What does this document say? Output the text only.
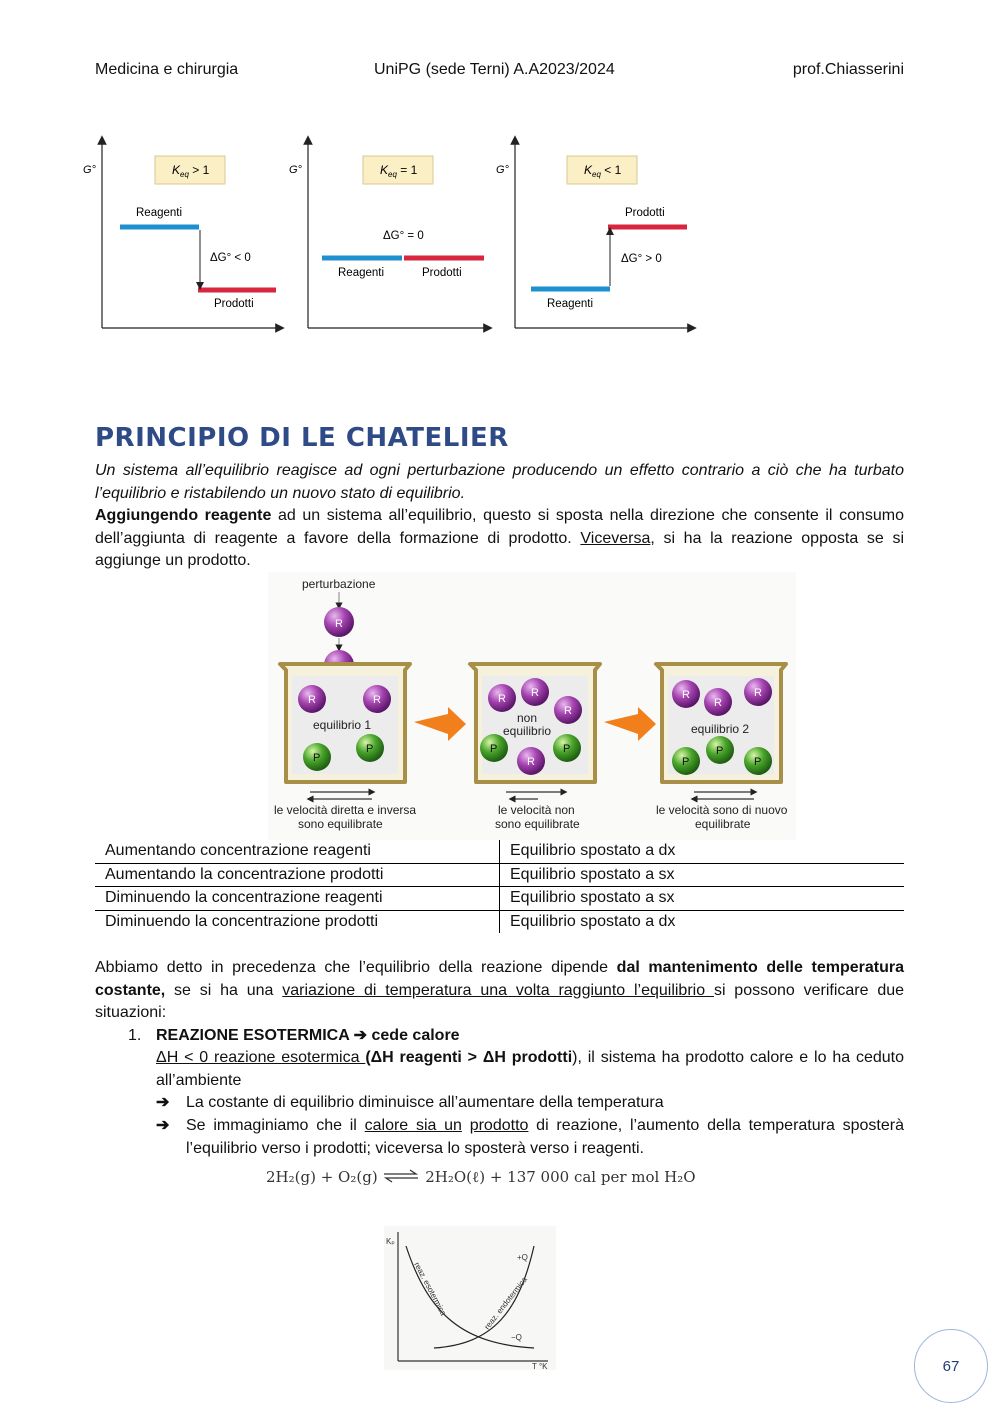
Medicina e chirurgia	UniPG (sede Terni) A.A2023/2024	prof.Chiasserini
G°	$K_{eq} > 1$
Reagenti
ΔG° < 0
Prodotti
G°	$K_{eq} = 1$
ΔG° = 0
Reagenti	Prodotti
G°	$K_{eq} < 1$
Prodotti
ΔG° > 0
Reagenti
PRINCIPIO DI LE CHATELIER
Un sistema all’equilibrio reagisce ad ogni perturbazione producendo un effetto contrario a ciò che ha turbato l’equilibrio e ristabilendo un nuovo stato di equilibrio.
Aggiungendo reagente ad un sistema all’equilibrio, questo si sposta nella direzione che consente il consumo dell’aggiunta di reagente a favore della formazione di prodotto. Viceversa, si ha la reazione opposta se si aggiunge un prodotto.
perturbazione
R
R	R
equilibrio 1
P
P
R R
R
non
equilibrio
P	P
R
R
R
R
equilibrio 2
P
P	P
le velocità diretta e inversa
sono equilibrate
le velocità non
sono equilibrate
le velocità sono di nuovo
equilibrate
Aumentando concentrazione reagenti	Equilibrio spostato a dx
Aumentando la concentrazione prodotti	Equilibrio spostato a sx
Diminuendo la concentrazione reagenti	Equilibrio spostato a sx
Diminuendo la concentrazione prodotti	Equilibrio spostato a dx
Abbiamo detto in precedenza che l’equilibrio della reazione dipende dal mantenimento delle temperatura costante, se si ha una variazione di temperatura una volta raggiunto l’equilibrio si possono verificare due situazioni:
1. REAZIONE ESOTERMICA ➔ cede calore
ΔH < 0 reazione esotermica (ΔH reagenti > ΔH prodotti), il sistema ha prodotto calore e lo ha ceduto all’ambiente
➔ La costante di equilibrio diminuisce all’aumentare della temperatura
➔ Se immaginiamo che il calore sia un prodotto di reazione, l’aumento della temperatura sposterà l’equilibrio verso i prodotti; viceversa lo sposterà verso i reagenti.
2H₂(g) + O₂(g) ⇌ 2H₂O(ℓ) + 137 000 cal per mol H₂O
Kₚ
T °K
+Q
−Q
reaz. esotermica	reaz. endotermica
67
